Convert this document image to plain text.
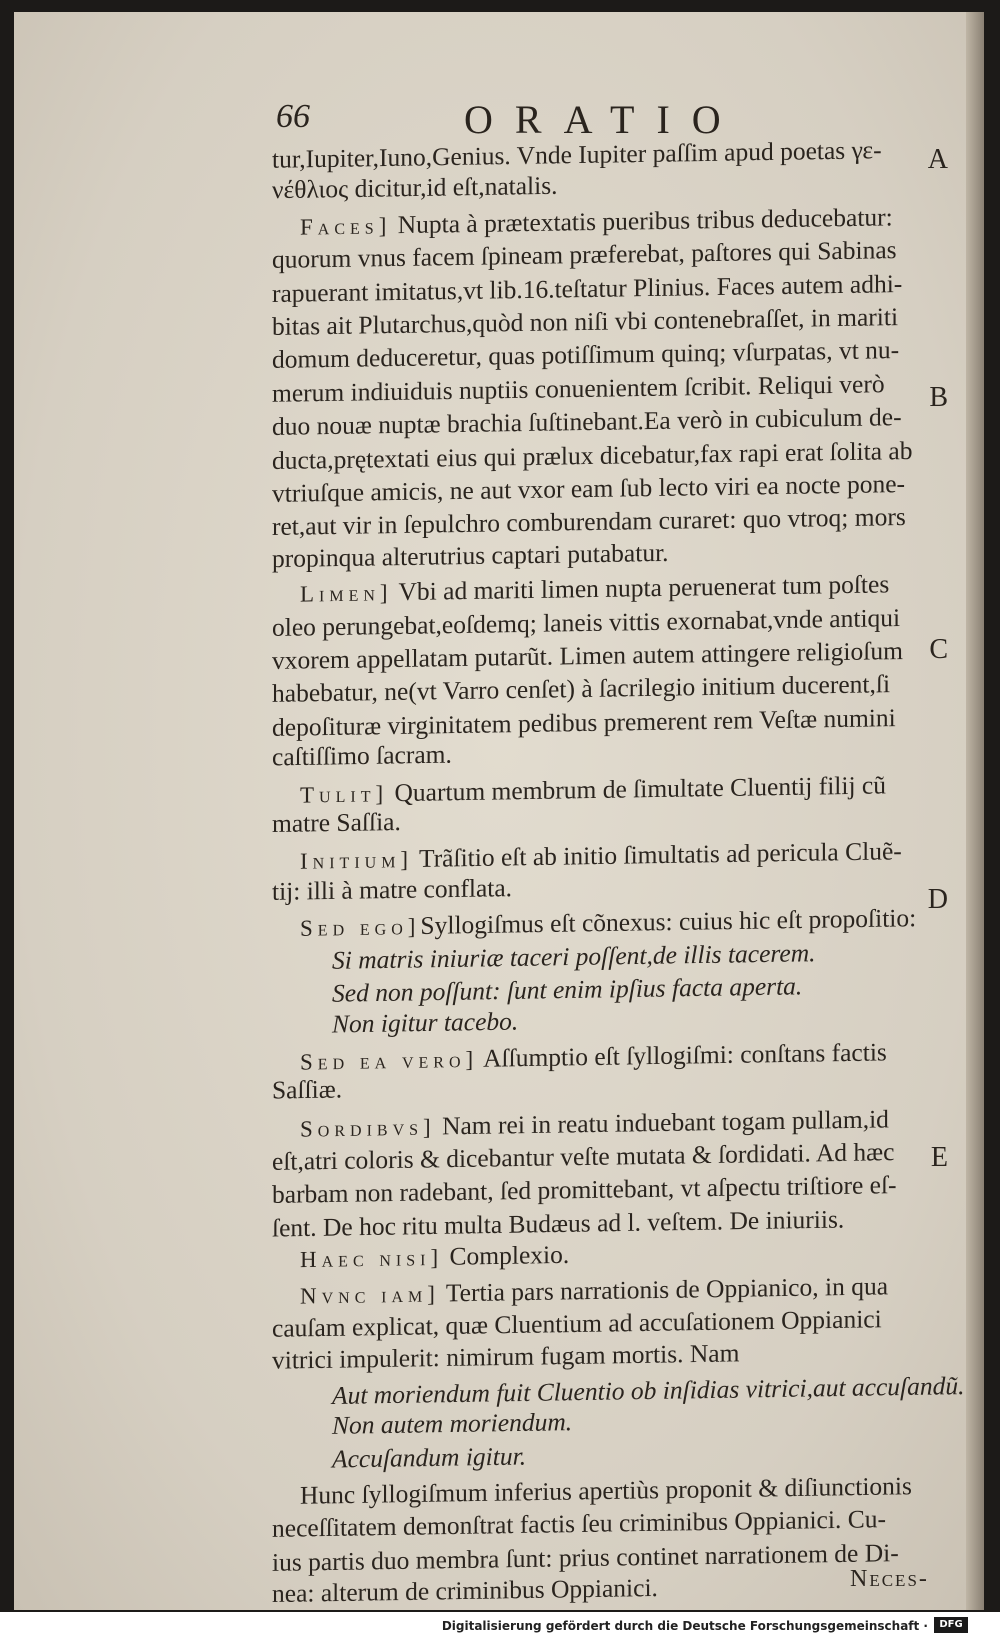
66	ORATIO
tur,Iupiter,Iuno,Genius. Vnde Iupiter paſſim apud poetas γε-
νέθλιος dicitur,id eſt,natalis.
Faces] Nupta à prætextatis pueribus tribus deducebatur:
quorum vnus facem ſpineam præferebat, paſtores qui Sabinas
rapuerant imitatus,vt lib.16.teſtatur Plinius. Faces autem adhi-
bitas ait Plutarchus,quòd non niſi vbi contenebraſſet, in mariti
domum deduceretur, quas potiſſimum quinq; vſurpatas, vt nu-
merum indiuiduis nuptiis conuenientem ſcribit. Reliqui verò
duo nouæ nuptæ brachia ſuſtinebant.Ea verò in cubiculum de-
ducta,prętextati eius qui prælux dicebatur,fax rapi erat ſolita ab
vtriuſque amicis, ne aut vxor eam ſub lecto viri ea nocte pone-
ret,aut vir in ſepulchro comburendam curaret: quo vtroq; mors
propinqua alterutrius captari putabatur.
Limen] Vbi ad mariti limen nupta peruenerat tum poſtes
oleo perungebat,eoſdemq; laneis vittis exornabat,vnde antiqui
vxorem appellatam putarũt. Limen autem attingere religioſum
habebatur, ne(vt Varro cenſet) à ſacrilegio initium ducerent,ſi
depoſituræ virginitatem pedibus premerent rem Veſtæ numini
caſtiſſimo ſacram.
Tulit] Quartum membrum de ſimultate Cluentij filij cũ
matre Saſſia.
Initium] Trãſitio eſt ab initio ſimultatis ad pericula Cluẽ-
tij: illi à matre conflata.
Sed ego]Syllogiſmus eſt cõnexus: cuius hic eſt propoſitio:
Si matris iniuriæ taceri poſſent,de illis tacerem.
Sed non poſſunt: ſunt enim ipſius facta aperta.
Non igitur tacebo.
Sed ea vero] Aſſumptio eſt ſyllogiſmi: conſtans factis
Saſſiæ.
Sordibvs] Nam rei in reatu induebant togam pullam,id
eſt,atri coloris & dicebantur veſte mutata & ſordidati. Ad hæc
barbam non radebant, ſed promittebant, vt aſpectu triſtiore eſ-
ſent. De hoc ritu multa Budæus ad l. veſtem. De iniuriis.
Haec nisi] Complexio.
Nvnc iam] Tertia pars narrationis de Oppianico, in qua
cauſam explicat, quæ Cluentium ad accuſationem Oppianici
vitrici impulerit: nimirum fugam mortis. Nam
Aut moriendum fuit Cluentio ob inſidias vitrici,aut accuſandũ.
Non autem moriendum.
Accuſandum igitur.
Hunc ſyllogiſmum inferius apertiùs proponit & diſiunctionis
neceſſitatem demonſtrat factis ſeu criminibus Oppianici. Cu-
ius partis duo membra ſunt: prius continet narrationem de Di-
nea: alterum de criminibus Oppianici.
A
B
C
D
E
Neces-
Digitalisierung gefördert durch die Deutsche Forschungsgemeinschaft ·	DFG
